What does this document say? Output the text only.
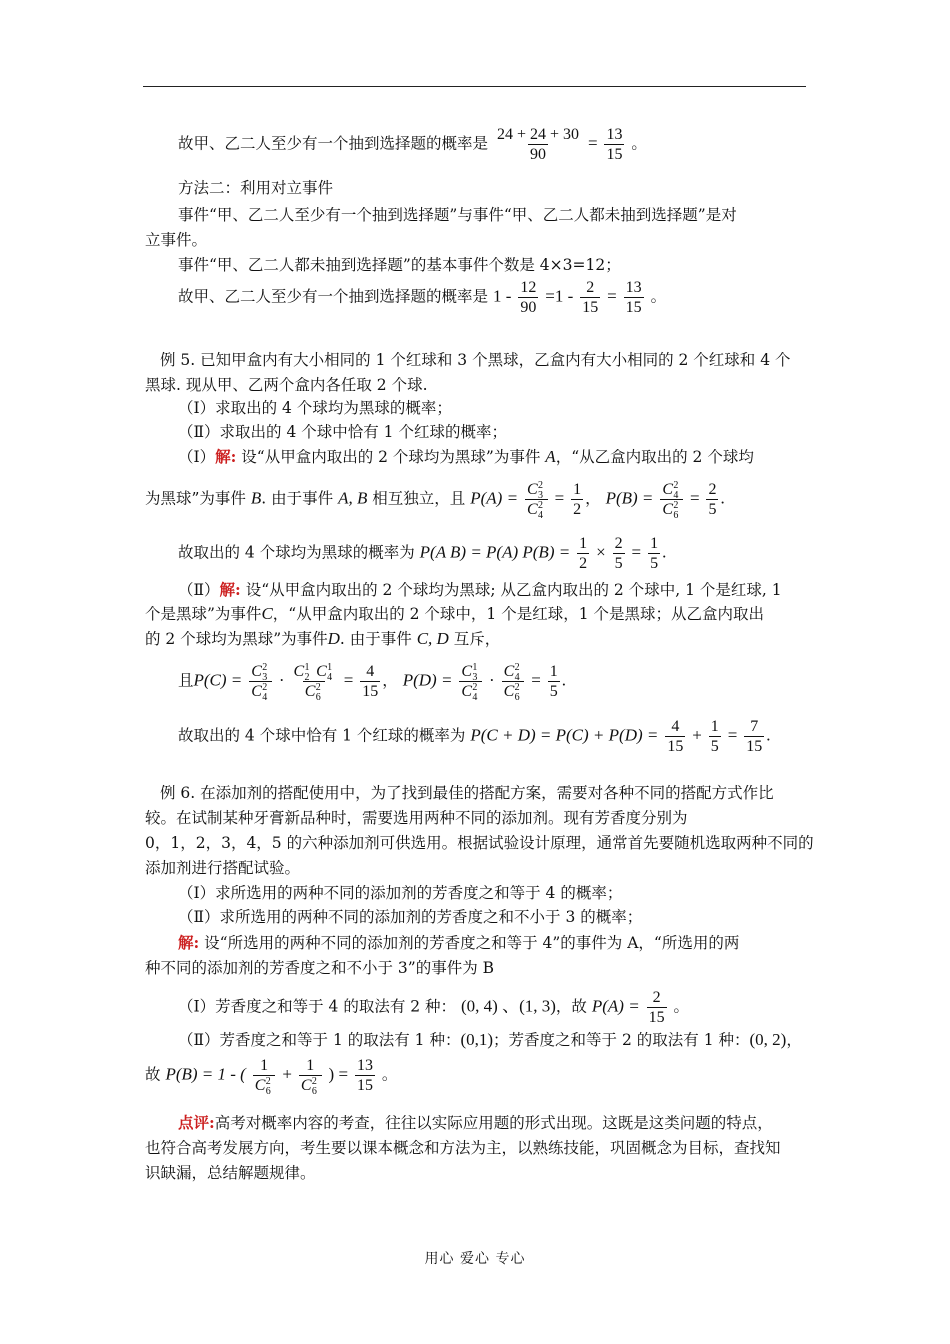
故甲、乙二人至少有一个抽到选择题的概率是 $\frac{24 + 24 + 30}{90} = \frac{13}{15}$ 。
方法二：利用对立事件
事件“甲、乙二人至少有一个抽到选择题”与事件“甲、乙二人都未抽到选择题”是对
立事件。
事件“甲、乙二人都未抽到选择题”的基本事件个数是 4×3=12；
故甲、乙二人至少有一个抽到选择题的概率是 $1 - \frac{12}{90} =1 - \frac{2}{15} = \frac{13}{15}$ 。
例 5. 已知甲盒内有大小相同的 1 个红球和 3 个黑球，乙盒内有大小相同的 2 个红球和 4 个
黑球. 现从甲、乙两个盒内各任取 2 个球.
（Ⅰ）求取出的 4 个球均为黑球的概率；
（Ⅱ）求取出的 4 个球中恰有 1 个红球的概率；
（Ⅰ）解: 设“从甲盒内取出的 2 个球均为黑球”为事件 A，“从乙盒内取出的 2 个球均
为黑球”为事件 B. 由于事件 A, B 相互独立，且 P(A) = C 2
3
C 2
$4 = \frac{1}{2}$ ， P(B) = C 2
4
C 2
$6 = \frac{2}{5}$ .
故取出的 4 个球均为黑球的概率为 P(A B) = P(A) $P(B) = \frac{1}{2} \times \frac{2}{5} = \frac{1}{5}$ .
（Ⅱ）解: 设“从甲盒内取出的 2 个球均为黑球; 从乙盒内取出的 2 个球中, 1 个是红球, 1
个是黑球”为事件C，“从甲盒内取出的 2 个球中，1 个是红球，1 个是黑球；从乙盒内取出
的 2 个球均为黑球”为事件D. 由于事件 C, D 互斥，
且P(C) = C 2
3
C 2
4 · C 1
2 C 1
4
C 2
$6 = \frac{4}{15}$ ， P(D) = C 1
3
C 2
4 · C 2
4
C 2
$6 = \frac{1}{5}$ .
故取出的 4 个球中恰有 1 个红球的概率为 $P(C + D) = P(C) + P(D) = \frac{4}{15} + \frac{1}{5} = \frac{7}{15}$ .
例 6. 在添加剂的搭配使用中，为了找到最佳的搭配方案，需要对各种不同的搭配方式作比
较。在试制某种牙膏新品种时，需要选用两种不同的添加剂。现有芳香度分别为
0，1，2，3，4，5 的六种添加剂可供选用。根据试验设计原理，通常首先要随机选取两种不同的
添加剂进行搭配试验。
（Ⅰ）求所选用的两种不同的添加剂的芳香度之和等于 4 的概率；
（Ⅱ）求所选用的两种不同的添加剂的芳香度之和不小于 3 的概率；
解: 设“所选用的两种不同的添加剂的芳香度之和等于 4”的事件为 A，“所选用的两
种不同的添加剂的芳香度之和不小于 3”的事件为 B
（Ⅰ）芳香度之和等于 4 的取法有 2 种： (0, 4) 、(1, 3)，故 $P(A) = \frac{2}{15}$ 。
（Ⅱ）芳香度之和等于 1 的取法有 1 种：(0,1)；芳香度之和等于 2 的取法有 1 种：(0, 2)，
故 P(B) = 1 - ( 1
C 2
6 + 1
C 2
6 ) = $\frac{13}{15}$ 。
点评:高考对概率内容的考查，往往以实际应用题的形式出现。这既是这类问题的特点，
也符合高考发展方向，考生要以课本概念和方法为主，以熟练技能，巩固概念为目标，查找知
识缺漏，总结解题规律。
用心 爱心 专心
